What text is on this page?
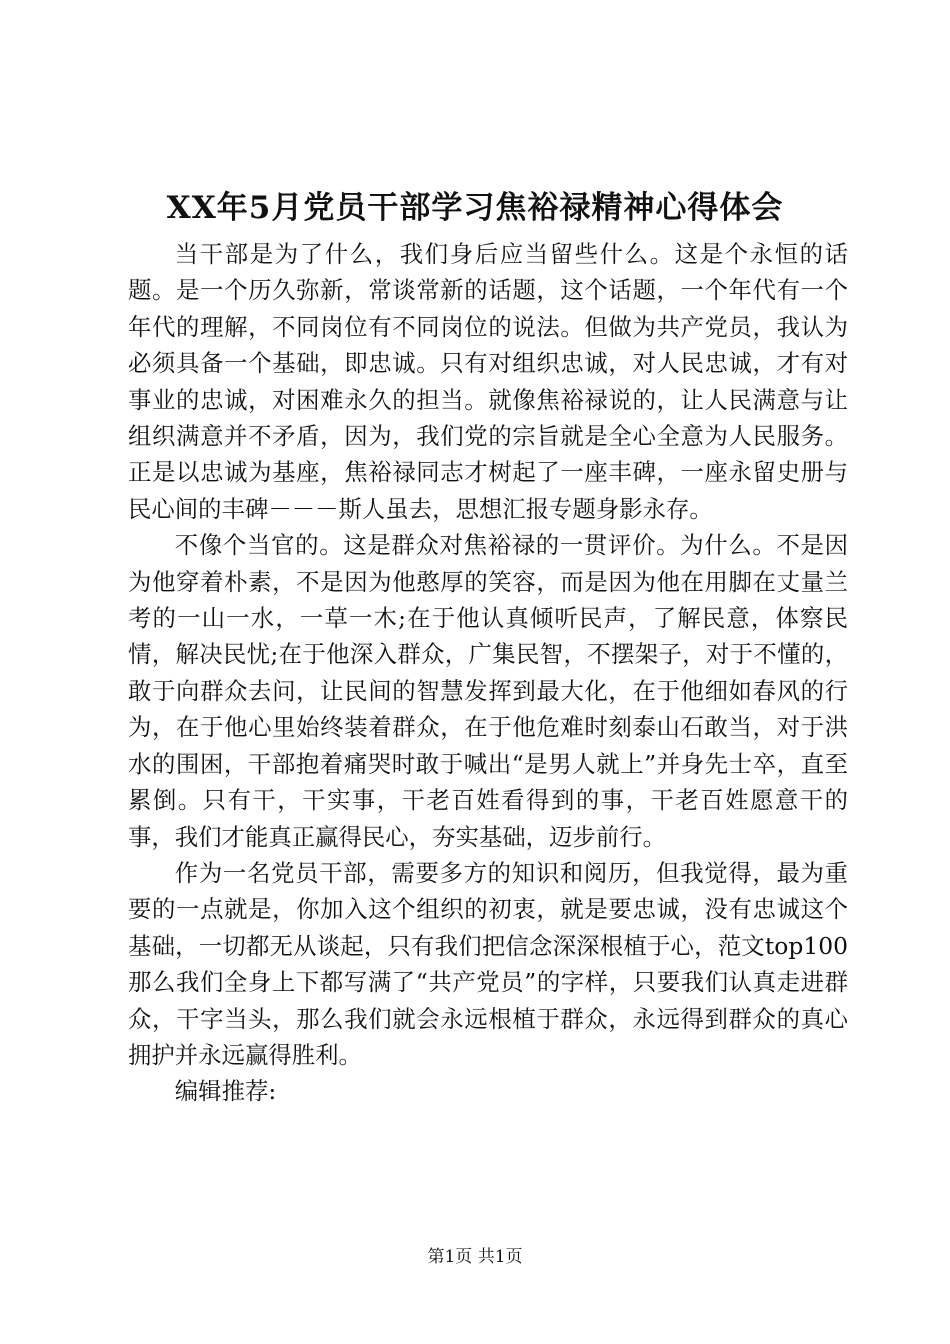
XX年5月党员干部学习焦裕禄精神心得体会

当干部是为了什么，我们身后应当留些什么。这是个永恒的话题。是一个历久弥新，常谈常新的话题，这个话题，一个年代有一个年代的理解，不同岗位有不同岗位的说法。但做为共产党员，我认为必须具备一个基础，即忠诚。只有对组织忠诚，对人民忠诚，才有对事业的忠诚，对困难永久的担当。就像焦裕禄说的，让人民满意与让组织满意并不矛盾，因为，我们党的宗旨就是全心全意为人民服务。正是以忠诚为基座，焦裕禄同志才树起了一座丰碑，一座永留史册与民心间的丰碑－－－斯人虽去，思想汇报专题身影永存。

不像个当官的。这是群众对焦裕禄的一贯评价。为什么。不是因为他穿着朴素，不是因为他憨厚的笑容，而是因为他在用脚在丈量兰考的一山一水，一草一木;在于他认真倾听民声，了解民意，体察民情，解决民忧;在于他深入群众，广集民智，不摆架子，对于不懂的，敢于向群众去问，让民间的智慧发挥到最大化，在于他细如春风的行为，在于他心里始终装着群众，在于他危难时刻泰山石敢当，对于洪水的围困，干部抱着痛哭时敢于喊出“是男人就上”并身先士卒，直至累倒。只有干，干实事，干老百姓看得到的事，干老百姓愿意干的事，我们才能真正赢得民心，夯实基础，迈步前行。

作为一名党员干部，需要多方的知识和阅历，但我觉得，最为重要的一点就是，你加入这个组织的初衷，就是要忠诚，没有忠诚这个基础，一切都无从谈起，只有我们把信念深深根植于心，范文top100那么我们全身上下都写满了“共产党员”的字样，只要我们认真走进群众，干字当头，那么我们就会永远根植于群众，永远得到群众的真心拥护并永远赢得胜利。

编辑推荐:

第1页 共1页
